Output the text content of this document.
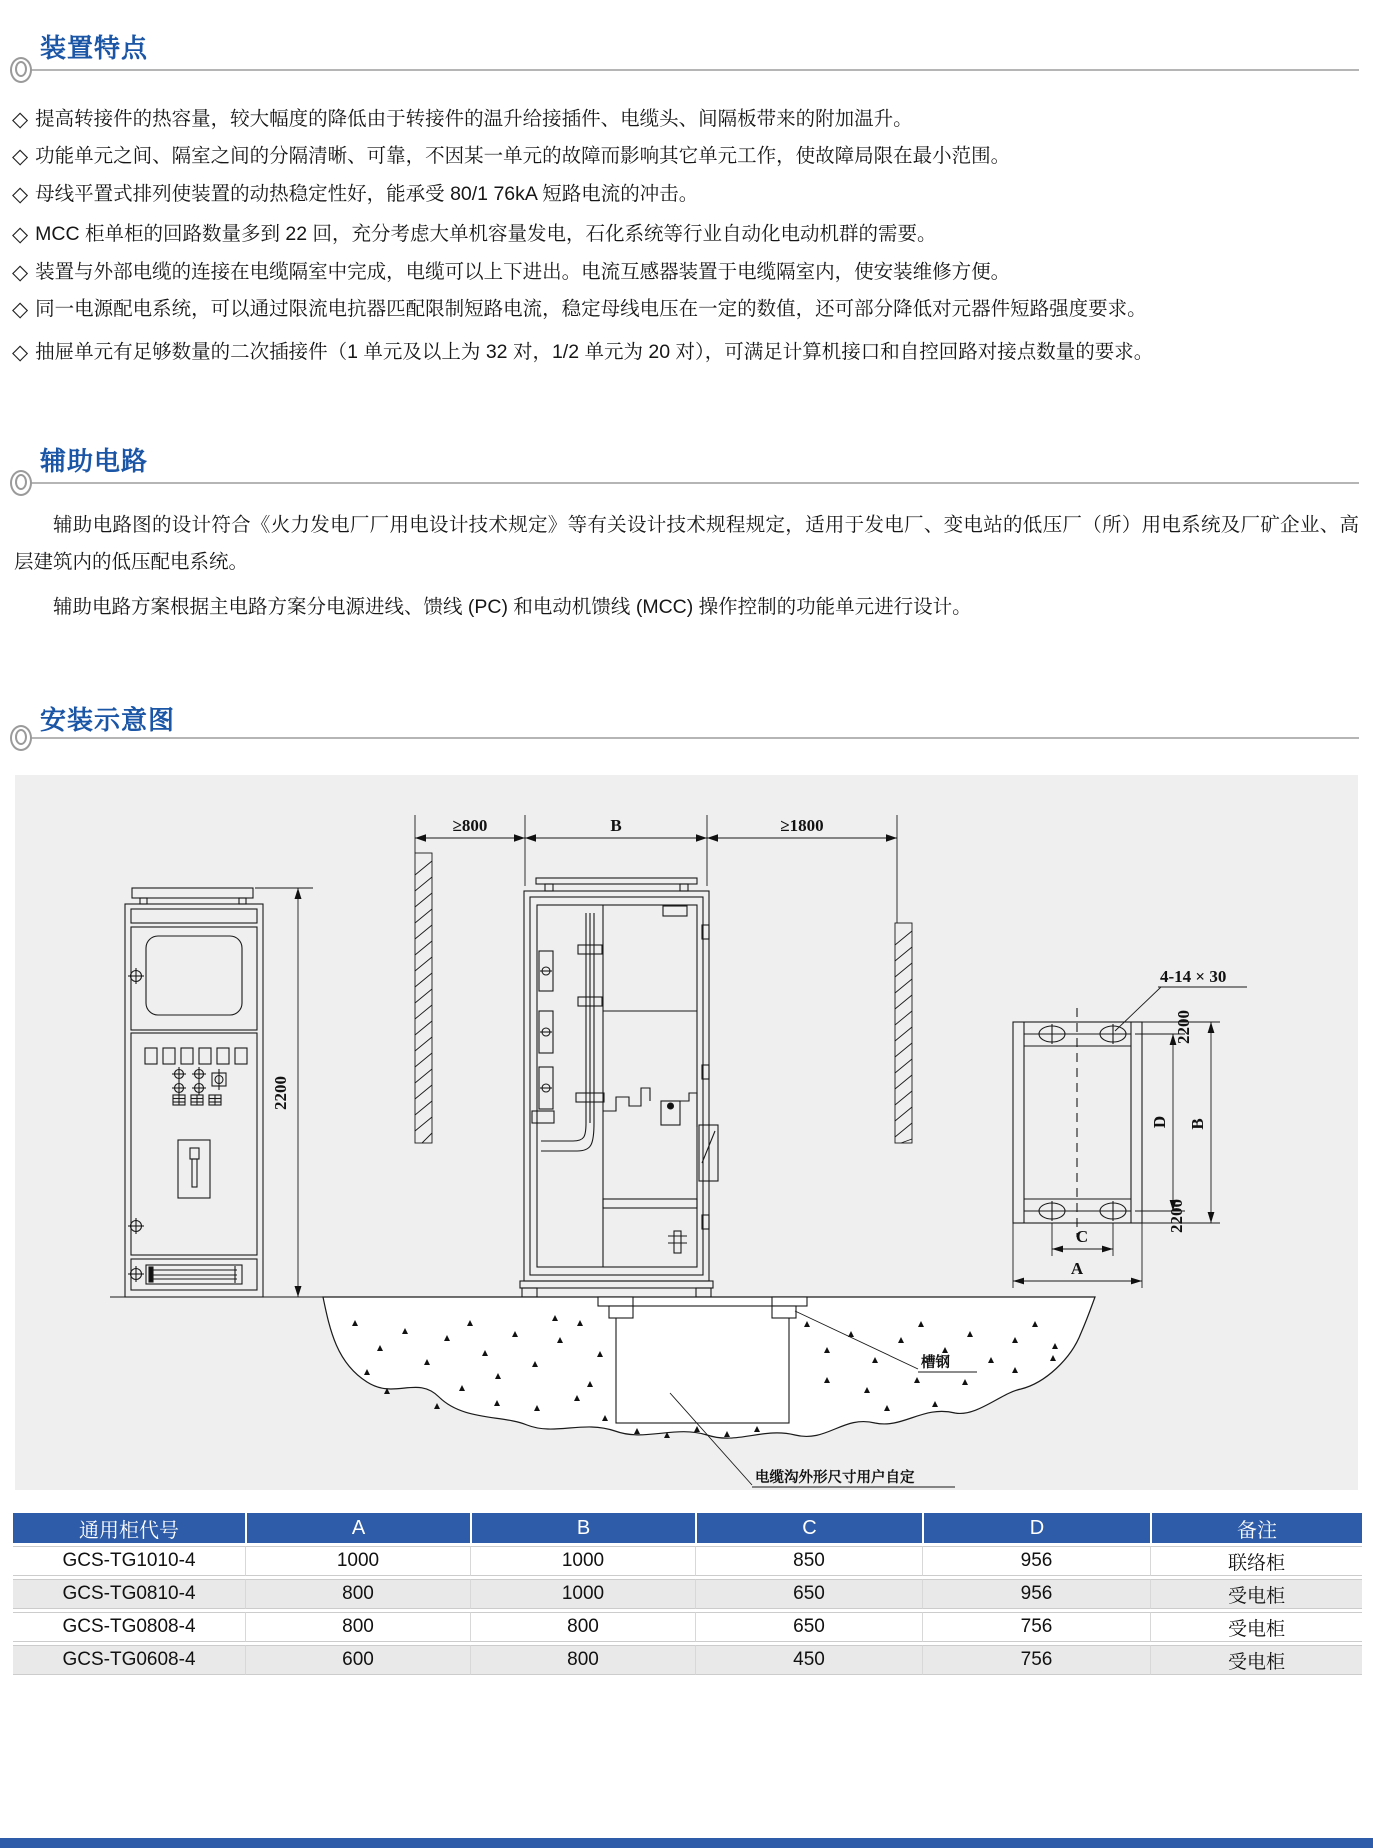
装置特点
◇ 提高转接件的热容量，较大幅度的降低由于转接件的温升给接插件、电缆头、间隔板带来的附加温升。
◇ 功能单元之间、隔室之间的分隔清晰、可靠，不因某一单元的故障而影响其它单元工作，使故障局限在最小范围。
◇ 母线平置式排列使装置的动热稳定性好，能承受 80/1 76kA 短路电流的冲击。
◇ MCC 柜单柜的回路数量多到 22 回，充分考虑大单机容量发电，石化系统等行业自动化电动机群的需要。
◇ 装置与外部电缆的连接在电缆隔室中完成，电缆可以上下进出。电流互感器装置于电缆隔室内，使安装维修方便。
◇ 同一电源配电系统，可以通过限流电抗器匹配限制短路电流，稳定母线电压在一定的数值，还可部分降低对元器件短路强度要求。
◇ 抽屉单元有足够数量的二次插接件（1 单元及以上为 32 对，1/2 单元为 20 对），可满足计算机接口和自控回路对接点数量的要求。
辅助电路
辅助电路图的设计符合《火力发电厂厂用电设计技术规定》等有关设计技术规程规定，适用于发电厂、变电站的低压厂（所）用电系统及厂矿企业、高层建筑内的低压配电系统。
辅助电路方案根据主电路方案分电源进线、馈线 (PC) 和电动机馈线 (MCC) 操作控制的功能单元进行设计。
安装示意图
2200
≥800	B	≥1800
槽钢
电缆沟外形尺寸用户自定
4-14 × 30
2200
2200
D B
C
A
通用柜代号	A	B	C	D	备注
GCS-TG1010-4	1000	1000	850	956	联络柜
GCS-TG0810-4	800	1000	650	956	受电柜
GCS-TG0808-4	800	800	650	756	受电柜
GCS-TG0608-4	600	800	450	756	受电柜
